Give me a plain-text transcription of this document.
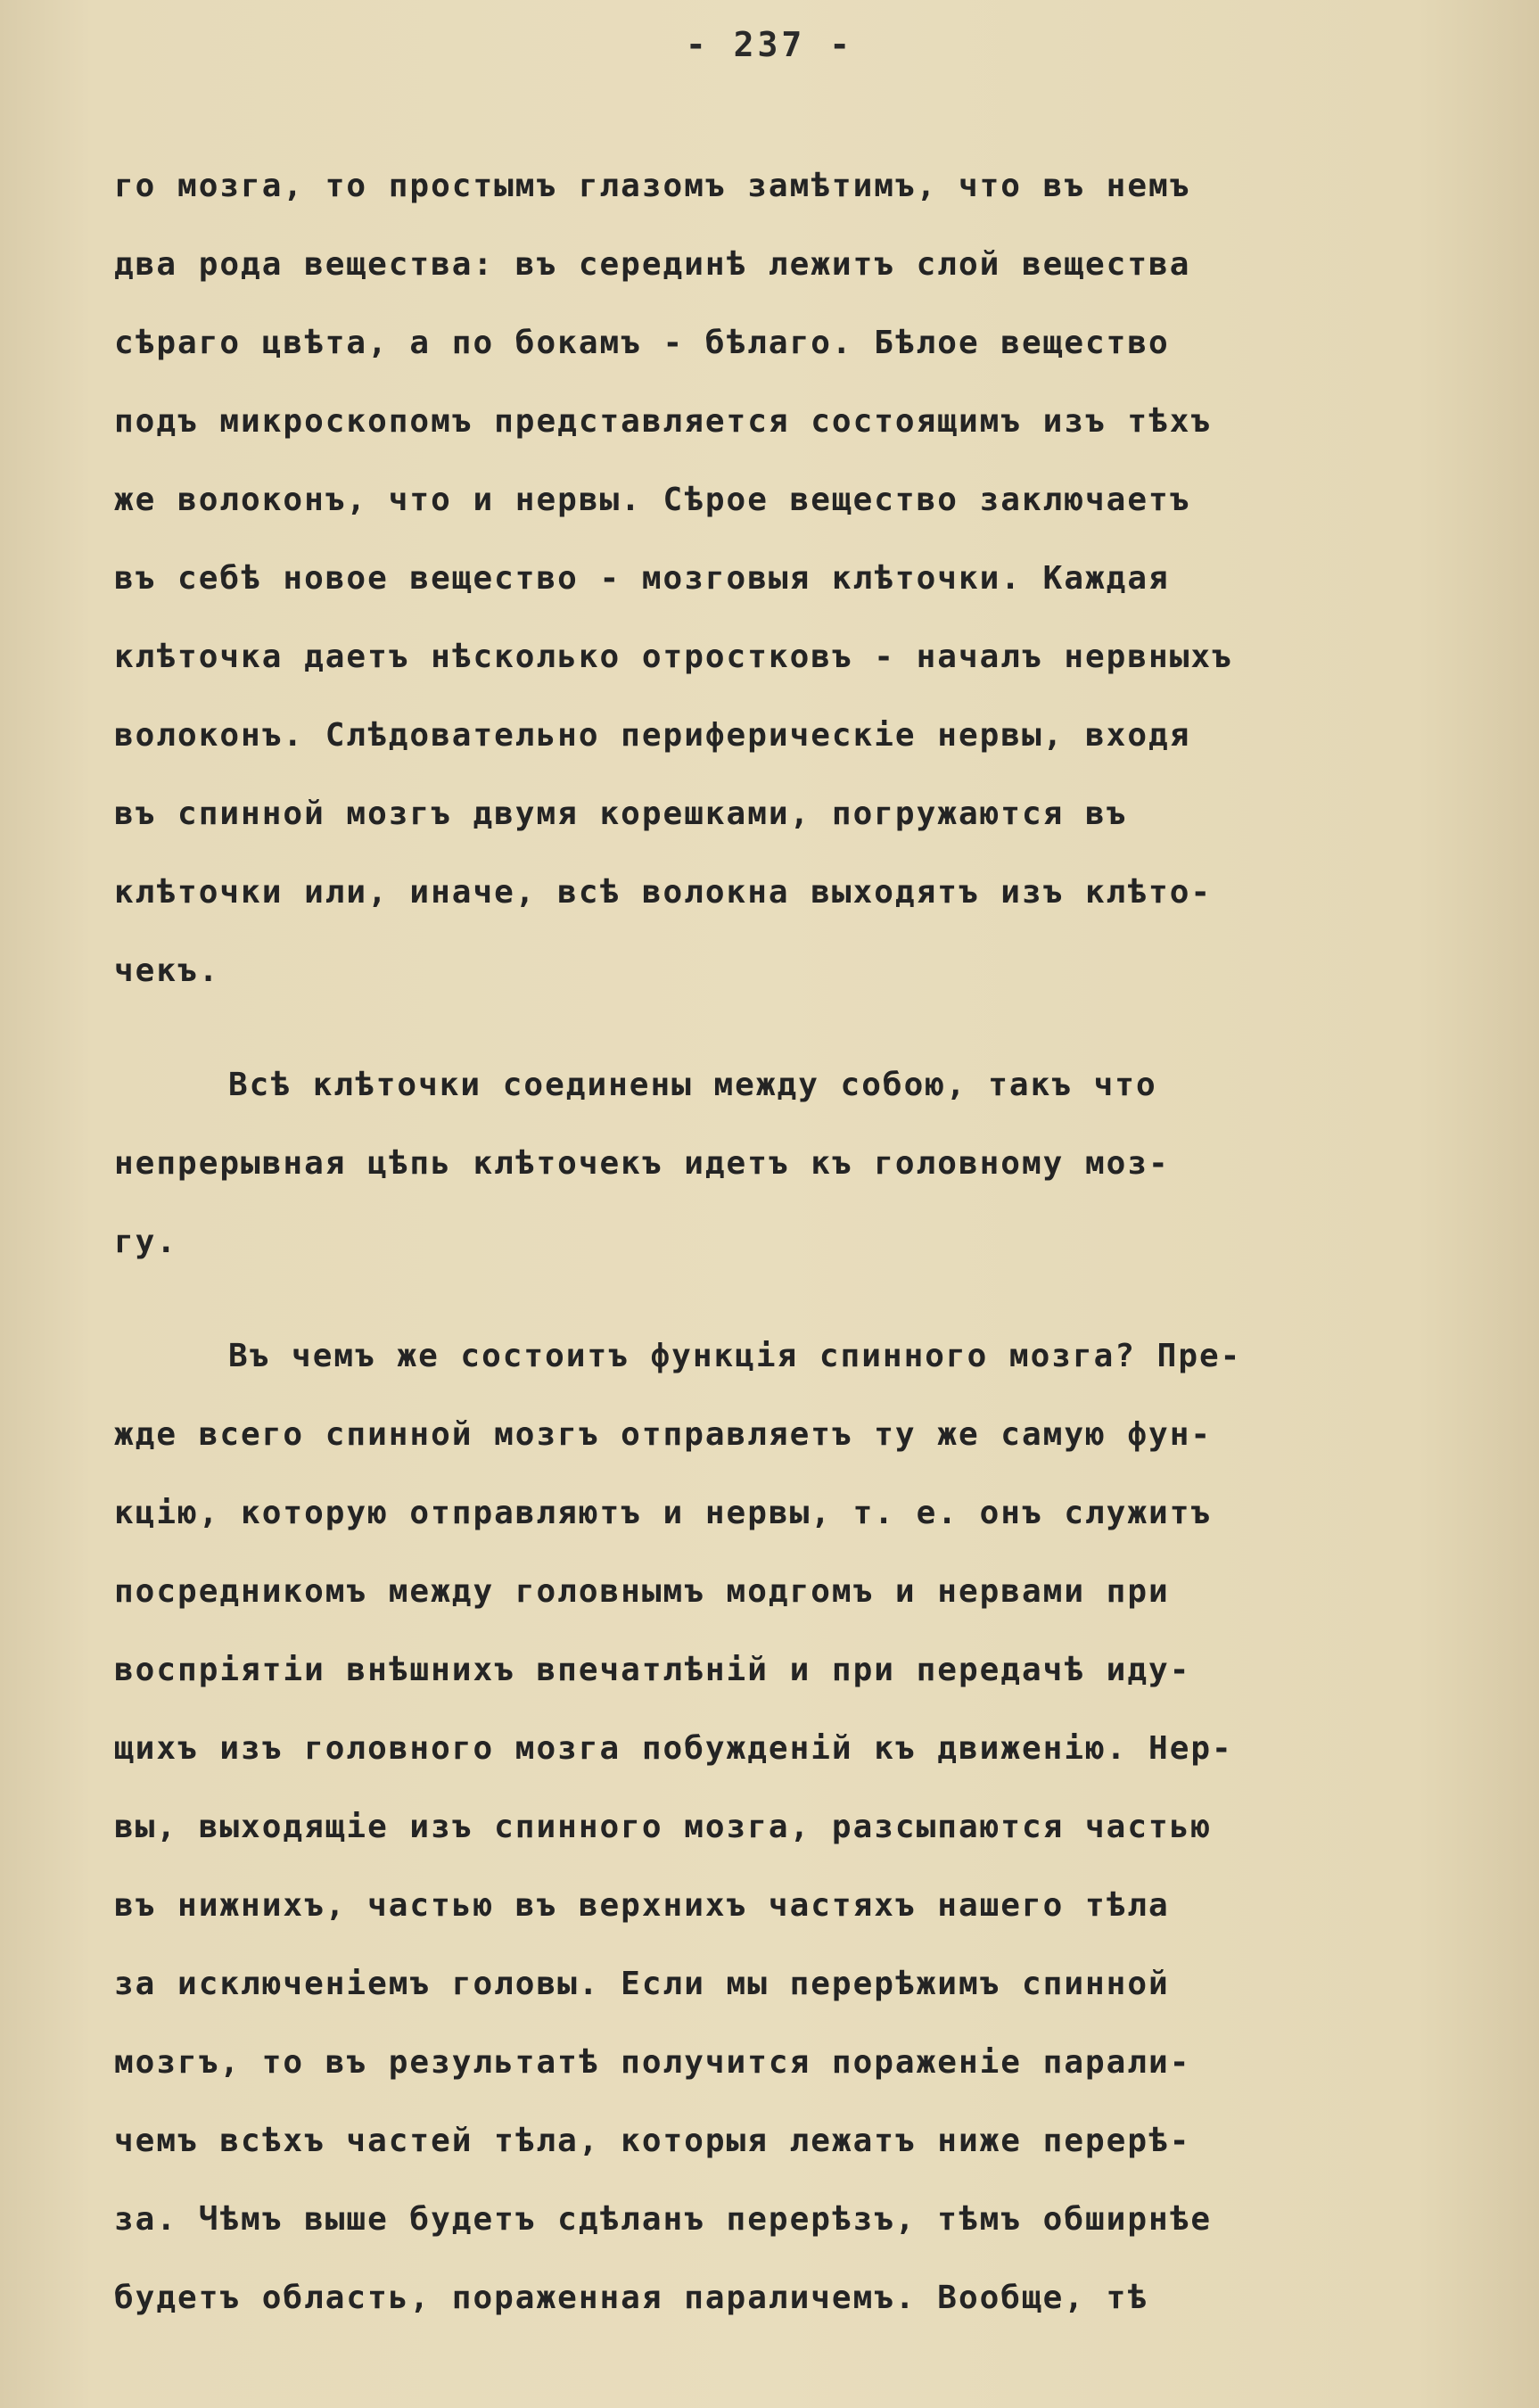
- 237 -
го мозга, то простымъ глазомъ замѣтимъ, что въ немъ
два рода вещества: въ серединѣ лежитъ слой вещества
сѣраго цвѣта, а по бокамъ - бѣлаго. Бѣлое вещество
подъ микроскопомъ представляется состоящимъ изъ тѣхъ
же волоконъ, что и нервы. Сѣрое вещество заключаетъ
въ себѣ новое вещество - мозговыя клѣточки. Каждая
клѣточка даетъ нѣсколько отростковъ - началъ нервныхъ
волоконъ. Слѣдовательно периферическiе нервы, входя
въ спинной мозгъ двумя корешками, погружаются въ
клѣточки или, иначе, всѣ волокна выходятъ изъ клѣто-
чекъ.
Всѣ клѣточки соединены между собою, такъ что
непрерывная цѣпь клѣточекъ идетъ къ головному моз-
гу.
Въ чемъ же состоитъ функцiя спинного мозга? Пре-
жде всего спинной мозгъ отправляетъ ту же самую фун-
кцiю, которую отправляютъ и нервы, т. е. онъ служитъ
посредникомъ между головнымъ модгомъ и нервами при
воспрiятiи внѣшнихъ впечатлѣнiй и при передачѣ иду-
щихъ изъ головного мозга побужденiй къ движенiю. Нер-
вы, выходящiе изъ спинного мозга, разсыпаются частью
въ нижнихъ, частью въ верхнихъ частяхъ нашего тѣла
за исключенiемъ головы. Если мы перерѣжимъ спинной
мозгъ, то въ результатѣ получится пораженiе парали-
чемъ всѣхъ частей тѣла, которыя лежатъ ниже перерѣ-
за. Чѣмъ выше будетъ сдѣланъ перерѣзъ, тѣмъ обширнѣе
будетъ область, пораженная параличемъ. Вообще, тѣ
